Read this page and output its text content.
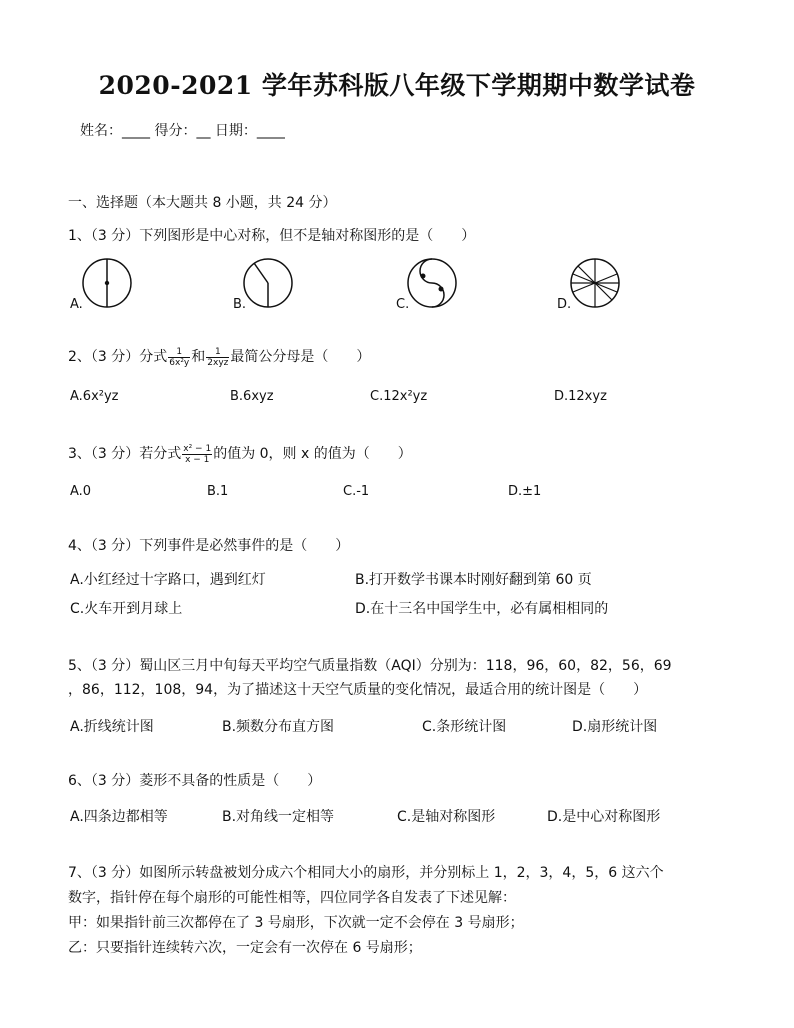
2020-2021 学年苏科版八年级下学期期中数学试卷
姓名：____ 得分：__ 日期：____
一、选择题（本大题共 8 小题，共 24 分）
1、（3 分）下列图形是中心对称，但不是轴对称图形的是（　　）
A.	B.	C.	D.
2、（3 分）分式 $\frac{1}{\text{6x²y}}$ 和 $\frac{1}{\text{2xyz}}$ 最简公分母是（　　）
A.6x²yz	B.6xyz	C.12x²yz	D.12xyz
3、（3 分）若分式 $\frac{\text{x² − 1}}{x - 1}$ 的值为 0，则 x 的值为（　　）
A.0	B.1	C.-1	D.±1
4、（3 分）下列事件是必然事件的是（　　）
A.小红经过十字路口，遇到红灯	B.打开数学书课本时刚好翻到第 60 页
C.火车开到月球上	D.在十三名中国学生中，必有属相相同的
5、（3 分）蜀山区三月中旬每天平均空气质量指数（AQI）分别为：118，96，60，82，56，69
，86，112，108，94，为了描述这十天空气质量的变化情况，最适合用的统计图是（　　）
A.折线统计图	B.频数分布直方图	C.条形统计图	D.扇形统计图
6、（3 分）菱形不具备的性质是（　　）
A.四条边都相等	B.对角线一定相等	C.是轴对称图形	D.是中心对称图形
7、（3 分）如图所示转盘被划分成六个相同大小的扇形，并分别标上 1，2，3，4，5，6 这六个
数字，指针停在每个扇形的可能性相等，四位同学各自发表了下述见解：
甲：如果指针前三次都停在了 3 号扇形，下次就一定不会停在 3 号扇形；
乙：只要指针连续转六次，一定会有一次停在 6 号扇形；
